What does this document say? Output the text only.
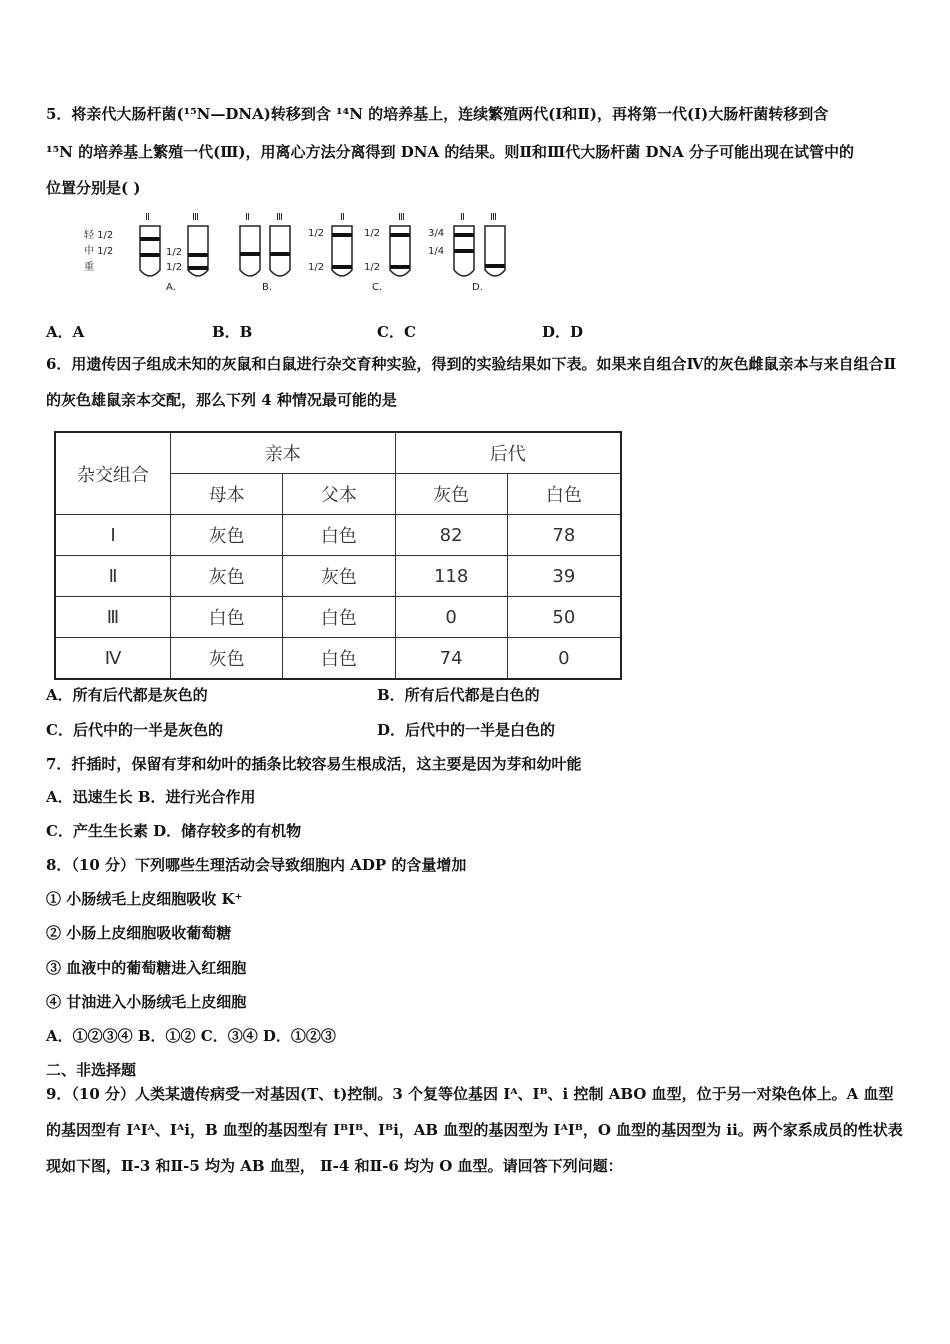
5．将亲代大肠杆菌(¹⁵N—DNA)转移到含 ¹⁴N 的培养基上，连续繁殖两代(Ⅰ和Ⅱ)，再将第一代(Ⅰ)大肠杆菌转移到含
¹⁵N 的培养基上繁殖一代(Ⅲ)，用离心方法分离得到 DNA 的结果。则Ⅱ和Ⅲ代大肠杆菌 DNA 分子可能出现在试管中的
位置分别是( )
轻 1/2
中 1/2
重
Ⅱ	Ⅲ
1/2
1/2
A.
Ⅱ	Ⅲ
B.
Ⅱ	Ⅲ
1/2
1/2
1/2
1/2
C.
Ⅱ	Ⅲ
3/4
1/4
D.
A．A	B．B	C．C	D．D
6．用遗传因子组成未知的灰鼠和白鼠进行杂交育种实验，得到的实验结果如下表。如果来自组合Ⅳ的灰色雌鼠亲本与来自组合Ⅱ的灰色雄鼠亲本交配，那么下列 4 种情况最可能的是
杂交组合	亲本		后代	
	母本	父本	灰色	白色
Ⅰ	灰色	白色	82	78
Ⅱ	灰色	灰色	118	39
Ⅲ	白色	白色	0	50
Ⅳ	灰色	白色	74	0
A．所有后代都是灰色的	B．所有后代都是白色的
C．后代中的一半是灰色的	D．后代中的一半是白色的
7．扦插时，保留有芽和幼叶的插条比较容易生根成活，这主要是因为芽和幼叶能
A．迅速生长 B．进行光合作用
C．产生生长素 D．储存较多的有机物
8．（10 分）下列哪些生理活动会导致细胞内 ADP 的含量增加
① 小肠绒毛上皮细胞吸收 K⁺
② 小肠上皮细胞吸收葡萄糖
③ 血液中的葡萄糖进入红细胞
④ 甘油进入小肠绒毛上皮细胞
A．①②③④ B．①② C．③④ D．①②③
二、非选择题
9．（10 分）人类某遗传病受一对基因(T、t)控制。3 个复等位基因 Iᴬ、Iᴮ、i 控制 ABO 血型，位于另一对染色体上。A 血型的基因型有 IᴬIᴬ、Iᴬi，B 血型的基因型有 IᴮIᴮ、Iᴮi，AB 血型的基因型为 IᴬIᴮ，O 血型的基因型为 ii。两个家系成员的性状表现如下图，Ⅱ-3 和Ⅱ-5 均为 AB 血型， Ⅱ-4 和Ⅱ-6 均为 O 血型。请回答下列问题：
